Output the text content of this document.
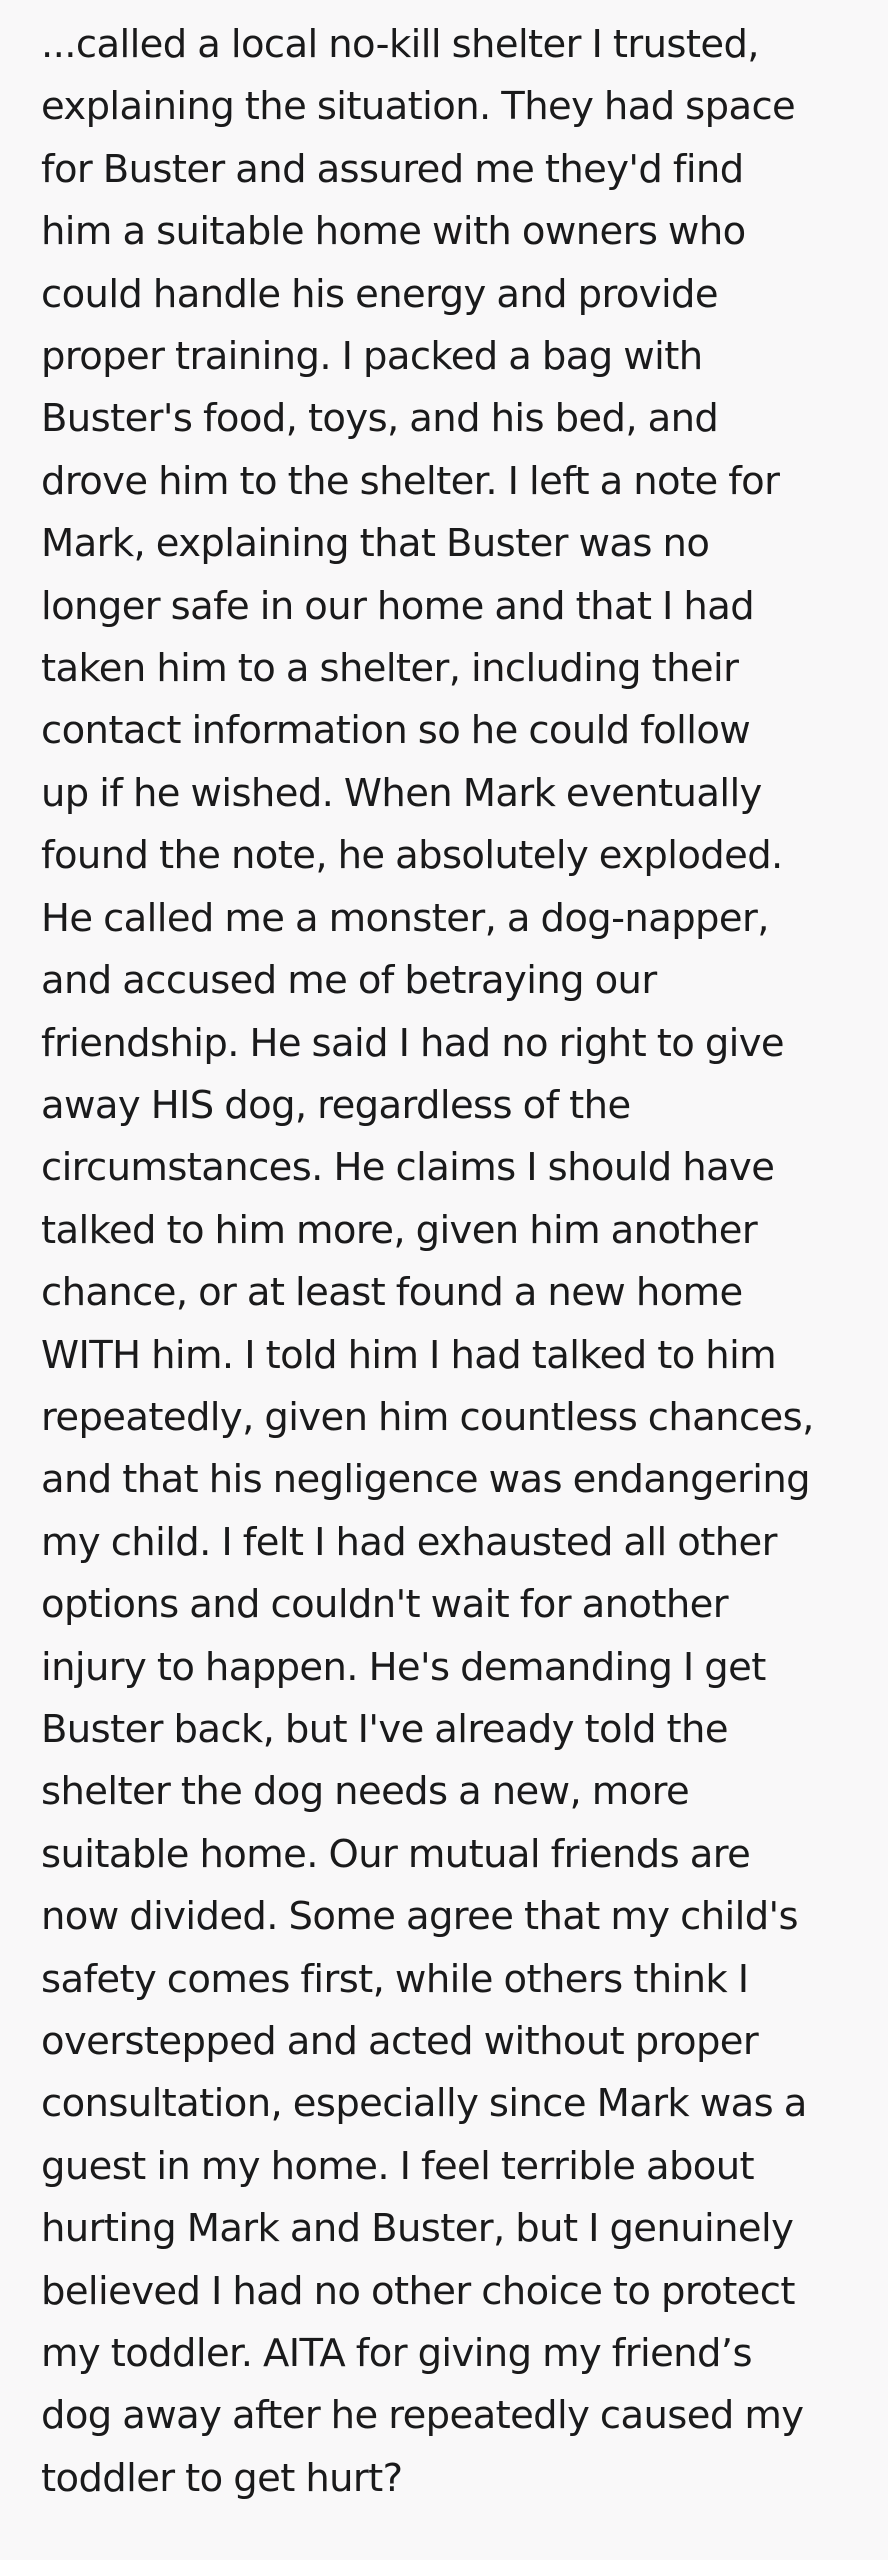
...called a local no-kill shelter I trusted,
explaining the situation. They had space
for Buster and assured me they'd find
him a suitable home with owners who
could handle his energy and provide
proper training. I packed a bag with
Buster's food, toys, and his bed, and
drove him to the shelter. I left a note for
Mark, explaining that Buster was no
longer safe in our home and that I had
taken him to a shelter, including their
contact information so he could follow
up if he wished. When Mark eventually
found the note, he absolutely exploded.
He called me a monster, a dog-napper,
and accused me of betraying our
friendship. He said I had no right to give
away HIS dog, regardless of the
circumstances. He claims I should have
talked to him more, given him another
chance, or at least found a new home
WITH him. I told him I had talked to him
repeatedly, given him countless chances,
and that his negligence was endangering
my child. I felt I had exhausted all other
options and couldn't wait for another
injury to happen. He's demanding I get
Buster back, but I've already told the
shelter the dog needs a new, more
suitable home. Our mutual friends are
now divided. Some agree that my child's
safety comes first, while others think I
overstepped and acted without proper
consultation, especially since Mark was a
guest in my home. I feel terrible about
hurting Mark and Buster, but I genuinely
believed I had no other choice to protect
my toddler. AITA for giving my friend’s
dog away after he repeatedly caused my
toddler to get hurt?
